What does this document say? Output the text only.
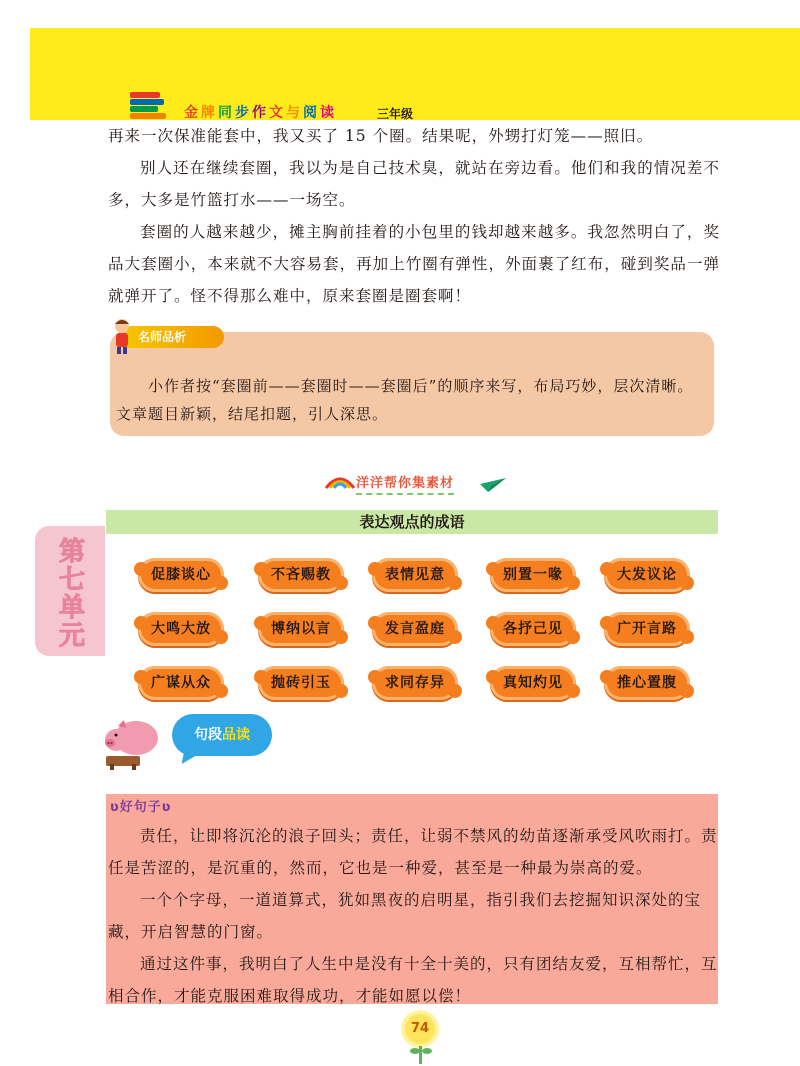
金牌同步作文与阅读	三年级
再来一次保准能套中，我又买了 15 个圈。结果呢，外甥打灯笼——照旧。
别人还在继续套圈，我以为是自己技术臭，就站在旁边看。他们和我的情况差不多，大多是竹篮打水——一场空。
套圈的人越来越少，摊主胸前挂着的小包里的钱却越来越多。我忽然明白了，奖品大套圈小，本来就不大容易套，再加上竹圈有弹性，外面裹了红布，碰到奖品一弹就弹开了。怪不得那么难中，原来套圈是圈套啊！
名师品析
小作者按“套圈前——套圈时——套圈后”的顺序来写，布局巧妙，层次清晰。文章题目新颖，结尾扣题，引人深思。
洋洋帮你集素材
第七单元
表达观点的成语
促膝谈心	不吝赐教	表情见意	别置一喙	大发议论
大鸣大放	博纳以言	发言盈庭	各抒己见	广开言路
广谋从众	抛砖引玉	求同存异	真知灼见	推心置腹
句段品读
ʋ好句子ʋ

责任，让即将沉沦的浪子回头；责任，让弱不禁风的幼苗逐渐承受风吹雨打。责任是苦涩的，是沉重的，然而，它也是一种爱，甚至是一种最为崇高的爱。

一个个字母，一道道算式，犹如黑夜的启明星，指引我们去挖掘知识深处的宝藏，开启智慧的门窗。

通过这件事，我明白了人生中是没有十全十美的，只有团结友爱，互相帮忙，互相合作，才能克服困难取得成功，才能如愿以偿！

74
